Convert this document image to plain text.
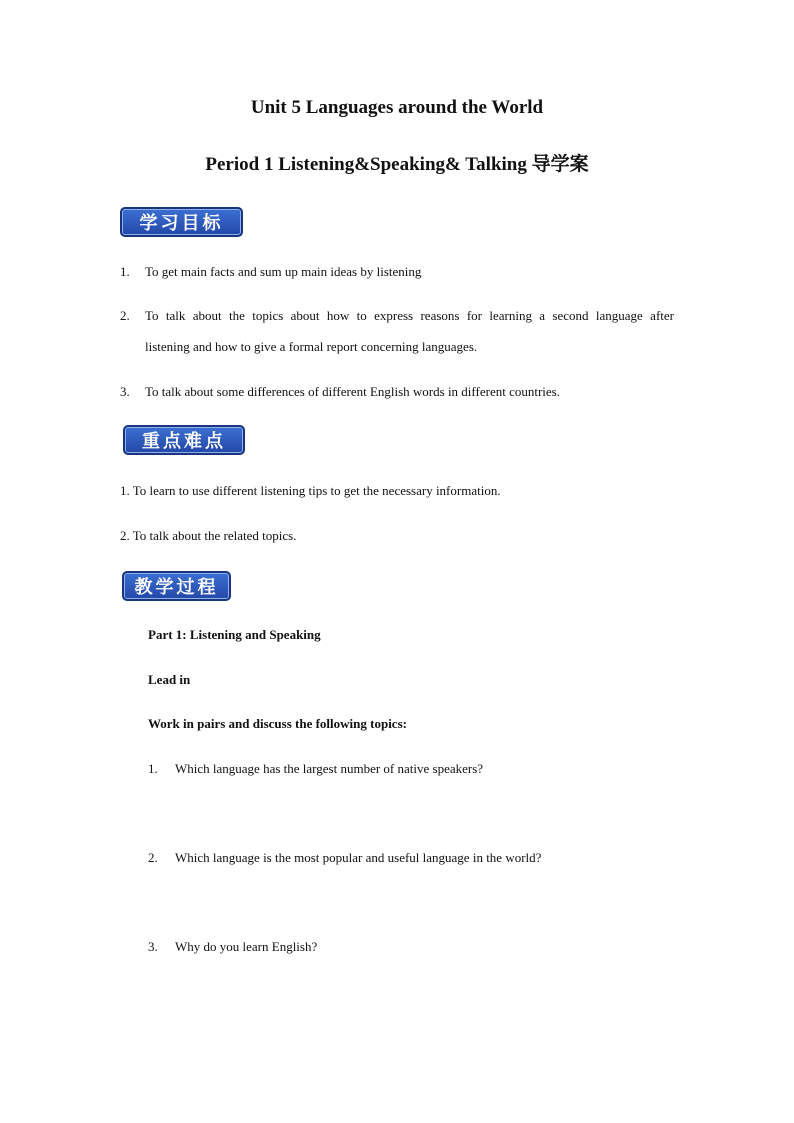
Unit 5 Languages around the World
Period 1 Listening&Speaking& Talking 导学案
学习目标
1. To get main facts and sum up main ideas by listening
2. To talk about the topics about how to express reasons for learning a second language after
listening and how to give a formal report concerning languages.
3. To talk about some differences of different English words in different countries.
重点难点
1. To learn to use different listening tips to get the necessary information.
2. To talk about the related topics.
教学过程
Part 1: Listening and Speaking
Lead in
Work in pairs and discuss the following topics:
1. Which language has the largest number of native speakers?
2. Which language is the most popular and useful language in the world?
3. Why do you learn English?
